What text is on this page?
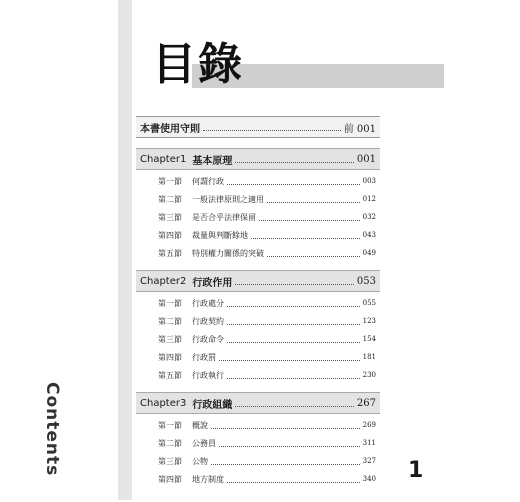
Contents
目錄
本書使用守則	前 001
Chapter1 基本原理	001
第一節	何謂行政	003
第二節	一般法律原則之適用	012
第三節	是否合乎法律保留	032
第四節	裁量與判斷餘地	043
第五節	特別權力關係的突破	049
Chapter2 行政作用	053
第一節	行政處分	055
第二節	行政契約	123
第三節	行政命令	154
第四節	行政罰	181
第五節	行政執行	230
Chapter3 行政組織	267
第一節	概說	269
第二節	公務員	311
第三節	公物	327
第四節	地方制度	340 1
